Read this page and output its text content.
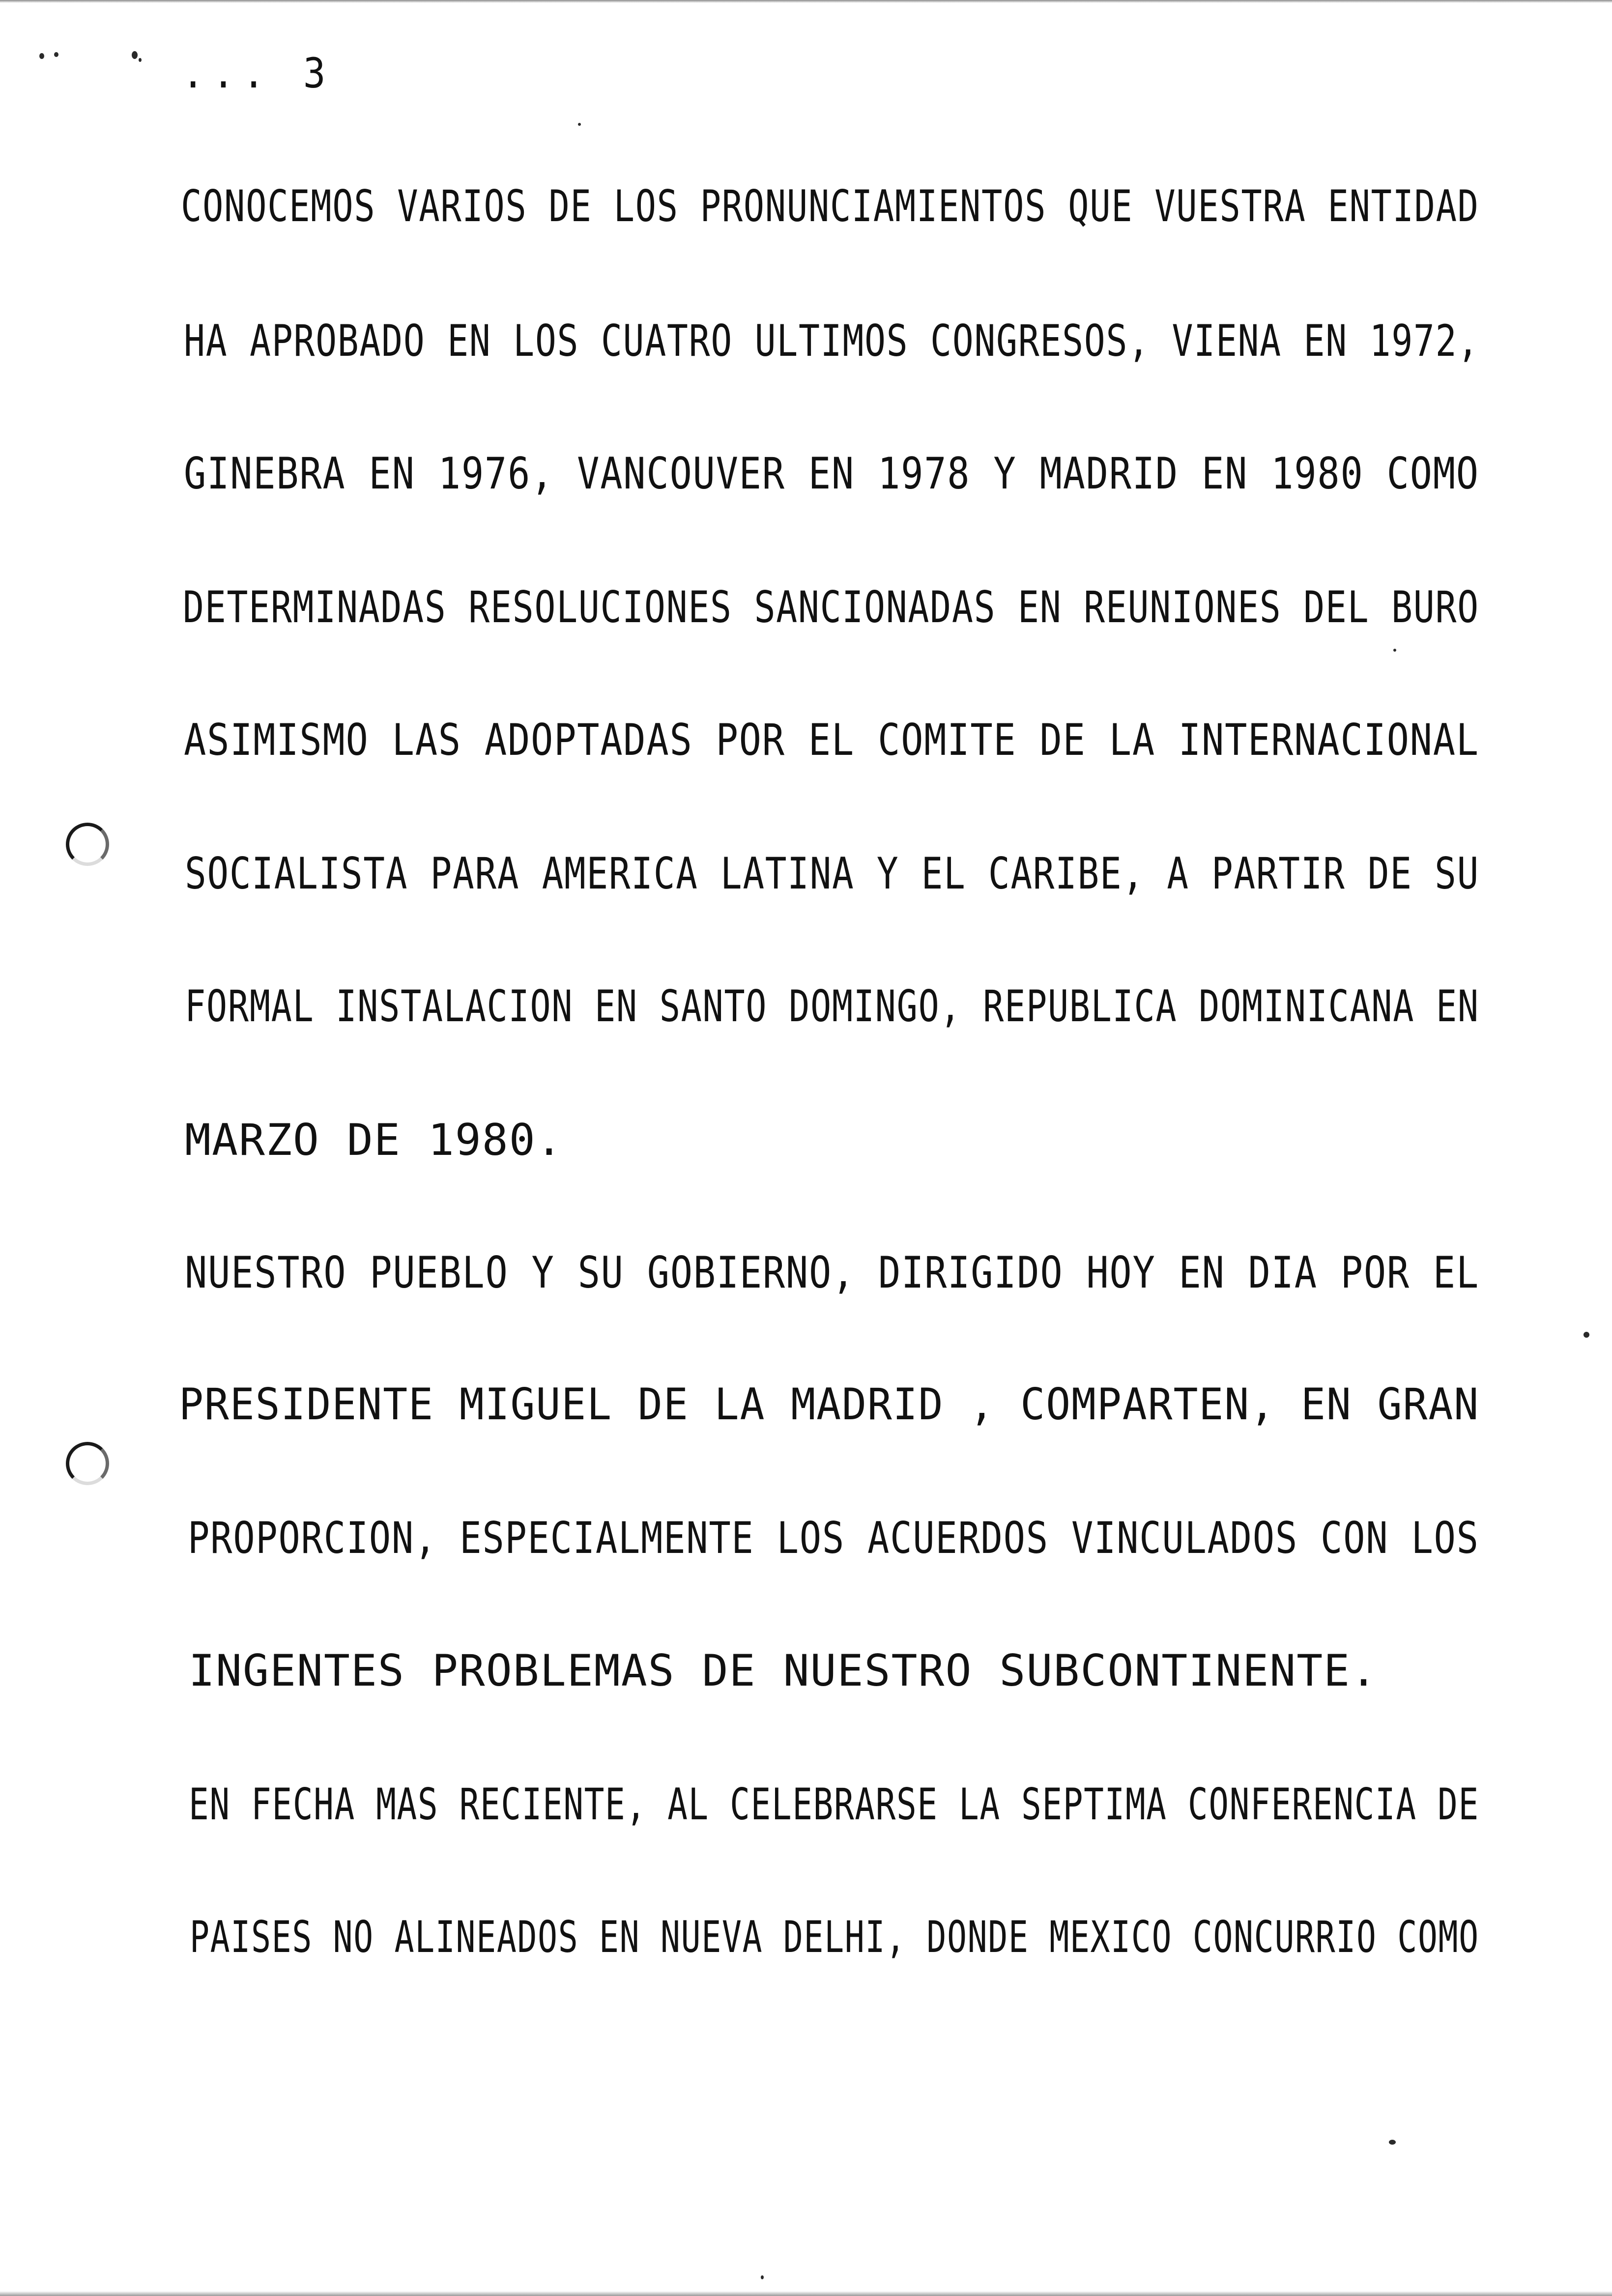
... 3
CONOCEMOS VARIOS DE LOS PRONUNCIAMIENTOS QUE VUESTRA ENTIDAD
HA APROBADO EN LOS CUATRO ULTIMOS CONGRESOS, VIENA EN 1972,
GINEBRA EN 1976, VANCOUVER EN 1978 Y MADRID EN 1980 COMO
DETERMINADAS RESOLUCIONES SANCIONADAS EN REUNIONES DEL BURO
ASIMISMO LAS ADOPTADAS POR EL COMITE DE LA INTERNACIONAL
SOCIALISTA PARA AMERICA LATINA Y EL CARIBE, A PARTIR DE SU
FORMAL INSTALACION EN SANTO DOMINGO, REPUBLICA DOMINICANA EN
MARZO DE 1980.
NUESTRO PUEBLO Y SU GOBIERNO, DIRIGIDO HOY EN DIA POR EL
PRESIDENTE MIGUEL DE LA MADRID , COMPARTEN, EN GRAN
PROPORCION, ESPECIALMENTE LOS ACUERDOS VINCULADOS CON LOS
INGENTES PROBLEMAS DE NUESTRO SUBCONTINENTE.
EN FECHA MAS RECIENTE, AL CELEBRARSE LA SEPTIMA CONFERENCIA DE
PAISES NO ALINEADOS EN NUEVA DELHI, DONDE MEXICO CONCURRIO COMO
